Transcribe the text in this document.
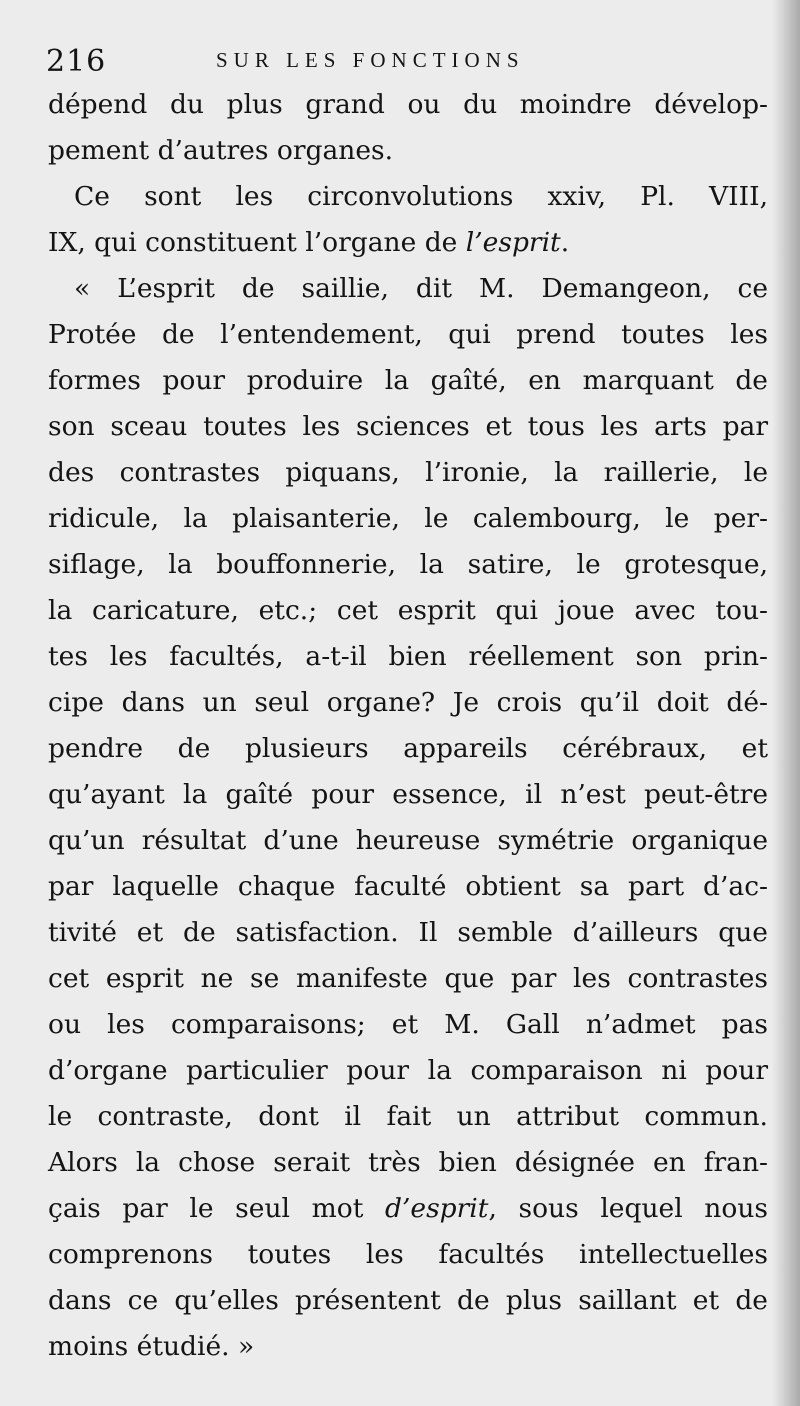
216	SUR LES FONCTIONS
dépend du plus grand ou du moindre dévelop-
pement d’autres organes.
Ce sont les circonvolutions xxiv, Pl. VIII,
IX, qui constituent l’organe de l’esprit.
« L’esprit de saillie, dit M. Demangeon, ce
Protée de l’entendement, qui prend toutes les
formes pour produire la gaîté, en marquant de
son sceau toutes les sciences et tous les arts par
des contrastes piquans, l’ironie, la raillerie, le
ridicule, la plaisanterie, le calembourg, le per-
siflage, la bouffonnerie, la satire, le grotesque,
la caricature, etc.; cet esprit qui joue avec tou-
tes les facultés, a-t-il bien réellement son prin-
cipe dans un seul organe? Je crois qu’il doit dé-
pendre de plusieurs appareils cérébraux, et
qu’ayant la gaîté pour essence, il n’est peut-être
qu’un résultat d’une heureuse symétrie organique
par laquelle chaque faculté obtient sa part d’ac-
tivité et de satisfaction. Il semble d’ailleurs que
cet esprit ne se manifeste que par les contrastes
ou les comparaisons; et M. Gall n’admet pas
d’organe particulier pour la comparaison ni pour
le contraste, dont il fait un attribut commun.
Alors la chose serait très bien désignée en fran-
çais par le seul mot d’esprit, sous lequel nous
comprenons toutes les facultés intellectuelles
dans ce qu’elles présentent de plus saillant et de
moins étudié. »
